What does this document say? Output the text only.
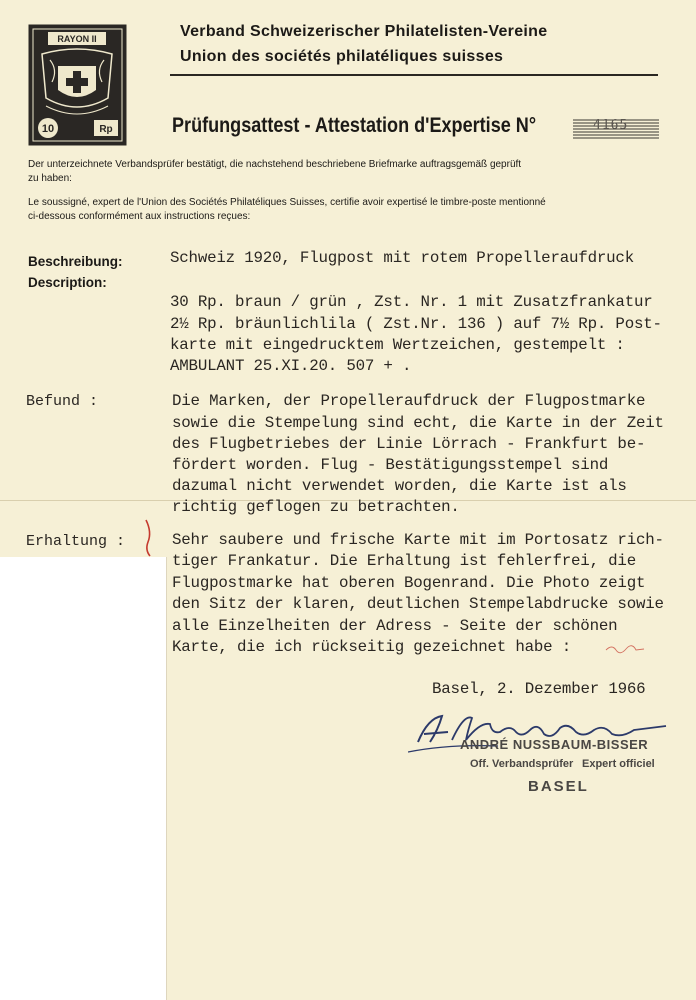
RAYON II
10	Rp
Verband Schweizerischer Philatelisten-Vereine
Union des sociétés philatéliques suisses
Prüfungsattest - Attestation d'Expertise N°	4165
Der unterzeichnete Verbandsprüfer bestätigt, die nachstehend beschriebene Briefmarke auftragsgemäß geprüft
zu haben:
Le soussigné, expert de l'Union des Sociétés Philatéliques Suisses, certifie avoir expertisé le timbre-poste mentionné
ci-dessous conformément aux instructions reçues:
Beschreibung:
Description:
Befund :
Erhaltung :
Schweiz 1920, Flugpost mit rotem Propelleraufdruck
30 Rp. braun / grün , Zst. Nr. 1 mit Zusatzfrankatur
2½ Rp. bräunlichlila ( Zst.Nr. 136 ) auf 7½ Rp. Post-
karte mit eingedrucktem Wertzeichen, gestempelt :
AMBULANT 25.XI.20. 507 + .
Die Marken, der Propelleraufdruck der Flugpostmarke
sowie die Stempelung sind echt, die Karte in der Zeit
des Flugbetriebes der Linie Lörrach - Frankfurt be-
fördert worden. Flug - Bestätigungsstempel sind
dazumal nicht verwendet worden, die Karte ist als
richtig geflogen zu betrachten.
Sehr saubere und frische Karte mit im Portosatz rich-
tiger Frankatur. Die Erhaltung ist fehlerfrei, die
Flugpostmarke hat oberen Bogenrand. Die Photo zeigt
den Sitz der klaren, deutlichen Stempelabdrucke sowie
alle Einzelheiten der Adress - Seite der schönen
Karte, die ich rückseitig gezeichnet habe :
Basel, 2. Dezember 1966
ANDRÉ NUSSBAUM-BISSER
Off. Verbandsprüfer Expert officiel
BASEL
